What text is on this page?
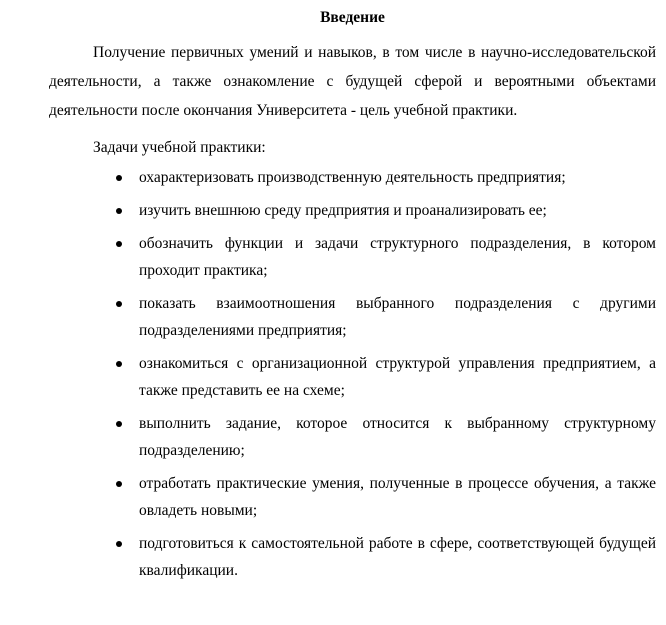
Введение

Получение первичных умений и навыков, в том числе в научно-исследовательской деятельности, а также ознакомление с будущей сферой и вероятными объектами деятельности после окончания Университета - цель учебной практики.

Задачи учебной практики:
охарактеризовать производственную деятельность предприятия;
изучить внешнюю среду предприятия и проанализировать ее;
обозначить функции и задачи структурного подразделения, в котором проходит практика;
показать взаимоотношения выбранного подразделения с другими подразделениями предприятия;
ознакомиться с организационной структурой управления предприятием, а также представить ее на схеме;
выполнить задание, которое относится к выбранному структурному подразделению;
отработать практические умения, полученные в процессе обучения, а также овладеть новыми;
подготовиться к самостоятельной работе в сфере, соответствующей будущей квалификации.
